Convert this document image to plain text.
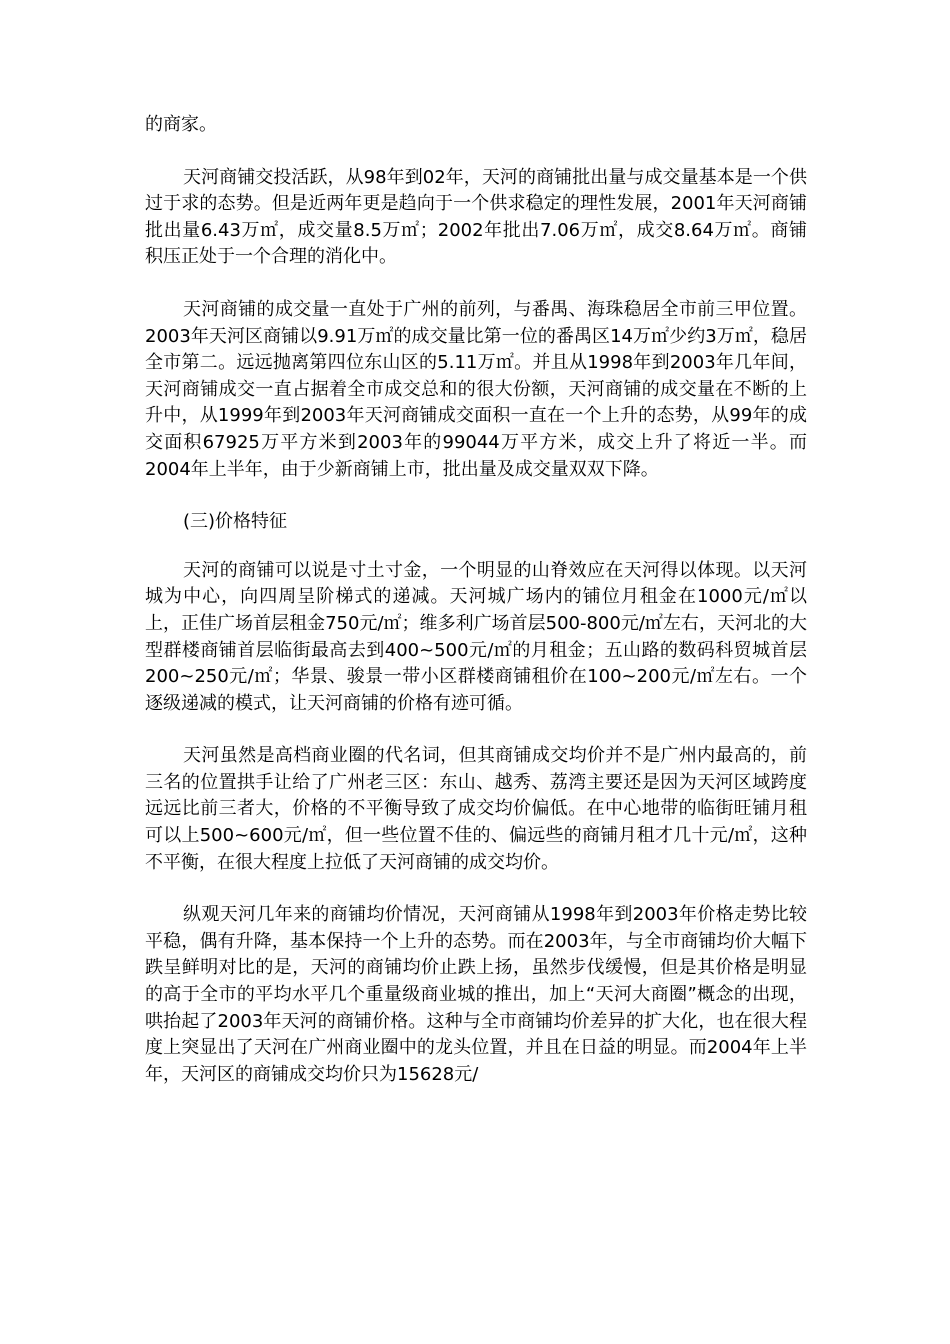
的商家。

天河商铺交投活跃，从98年到02年，天河的商铺批出量与成交量基本是一个供过于求的态势。但是近两年更是趋向于一个供求稳定的理性发展，2001年天河商铺批出量6.43万㎡，成交量8.5万㎡；2002年批出7.06万㎡，成交8.64万㎡。商铺积压正处于一个合理的消化中。

天河商铺的成交量一直处于广州的前列，与番禺、海珠稳居全市前三甲位置。2003年天河区商铺以9.91万㎡的成交量比第一位的番禺区14万㎡少约3万㎡，稳居全市第二。远远抛离第四位东山区的5.11万㎡。并且从1998年到2003年几年间，天河商铺成交一直占据着全市成交总和的很大份额，天河商铺的成交量在不断的上升中，从1999年到2003年天河商铺成交面积一直在一个上升的态势，从99年的成交面积67925万平方米到2003年的99044万平方米，成交上升了将近一半。而2004年上半年，由于少新商铺上市，批出量及成交量双双下降。

(三)价格特征

天河的商铺可以说是寸土寸金，一个明显的山脊效应在天河得以体现。以天河城为中心，向四周呈阶梯式的递减。天河城广场内的铺位月租金在1000元/㎡以上，正佳广场首层租金750元/㎡；维多利广场首层500-800元/㎡左右，天河北的大型群楼商铺首层临街最高去到400~500元/㎡的月租金；五山路的数码科贸城首层200~250元/㎡；华景、骏景一带小区群楼商铺租价在100~200元/㎡左右。一个逐级递减的模式，让天河商铺的价格有迹可循。

天河虽然是高档商业圈的代名词，但其商铺成交均价并不是广州内最高的，前三名的位置拱手让给了广州老三区：东山、越秀、荔湾主要还是因为天河区域跨度远远比前三者大，价格的不平衡导致了成交均价偏低。在中心地带的临街旺铺月租可以上500~600元/㎡，但一些位置不佳的、偏远些的商铺月租才几十元/㎡，这种不平衡，在很大程度上拉低了天河商铺的成交均价。

纵观天河几年来的商铺均价情况，天河商铺从1998年到2003年价格走势比较平稳，偶有升降，基本保持一个上升的态势。而在2003年，与全市商铺均价大幅下跌呈鲜明对比的是，天河的商铺均价止跌上扬，虽然步伐缓慢，但是其价格是明显的高于全市的平均水平几个重量级商业城的推出，加上“天河大商圈”概念的出现，哄抬起了2003年天河的商铺价格。这种与全市商铺均价差异的扩大化，也在很大程度上突显出了天河在广州商业圈中的龙头位置，并且在日益的明显。而2004年上半年，天河区的商铺成交均价只为15628元/
